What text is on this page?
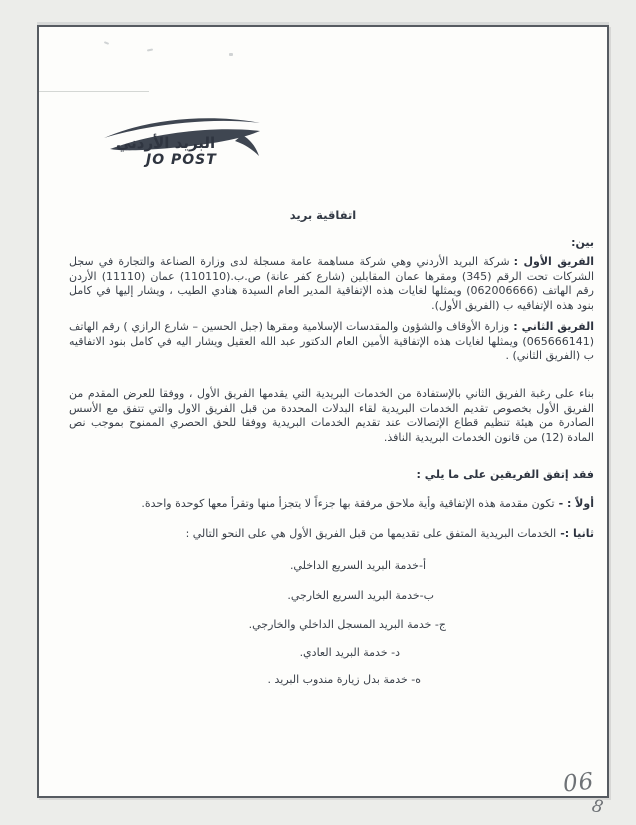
البريد الأردني
JO POST
اتفاقية بريد
بين:
الفريق الأول :شركة البريد الأردني وهي شركة مساهمة عامة مسجلة لدى وزارة الصناعة والتجارة في سجل الشركات تحت الرقم (345) ومقرها عمان المقابلين (شارع كفر عانة) ص.ب.(110110) عمان (11110) الأردن رقم الهاتف (062006666) ويمثلها لغايات هذه الإتفاقية المدير العام السيدة هنادي الطيب ، ويشار إليها في كامل بنود هذه الإتفاقيه ب (الفريق الأول).
الفريق الثاني :وزارة الأوقاف والشؤون والمقدسات الإسلامية ومقرها (جبل الحسين – شارع الرازي ) رقم الهاتف (065666141) ويمثلها لغايات هذه الإتفاقية الأمين العام الدكتور عبد الله العقيل ويشار اليه في كامل بنود الاتفاقيه ب (الفريق الثاني) .
بناء على رغبة الفريق الثاني بالإستفادة من الخدمات البريدية التي يقدمها الفريق الأول ، ووفقا للعرض المقدم من الفريق الأول بخصوص تقديم الخدمات البريدية لقاء البدلات المحددة من قبل الفريق الاول والتي تتفق مع الأسس الصادرة من هيئة تنظيم قطاع الإتصالات عند تقديم الخدمات البريدية ووفقا للحق الحصري الممنوح بموجب نص المادة (12) من قانون الخدمات البريدية النافذ.
فقد إتفق الفريقين على ما يلي :
أولاً : -تكون مقدمة هذه الإتفاقية وأية ملاحق مرفقة بها جزءاً لا يتجزأ منها وتقرأ معها كوحدة واحدة.
ثانيا :-الخدمات البريدية المتفق على تقديمها من قبل الفريق الأول هي على النحو التالي :
أ-خدمة البريد السريع الداخلي.
ب-خدمة البريد السريع الخارجي.
ج- خدمة البريد المسجل الداخلي والخارجي.
د- خدمة البريد العادي.
ه- خدمة بدل زيارة مندوب البريد .
06
8
